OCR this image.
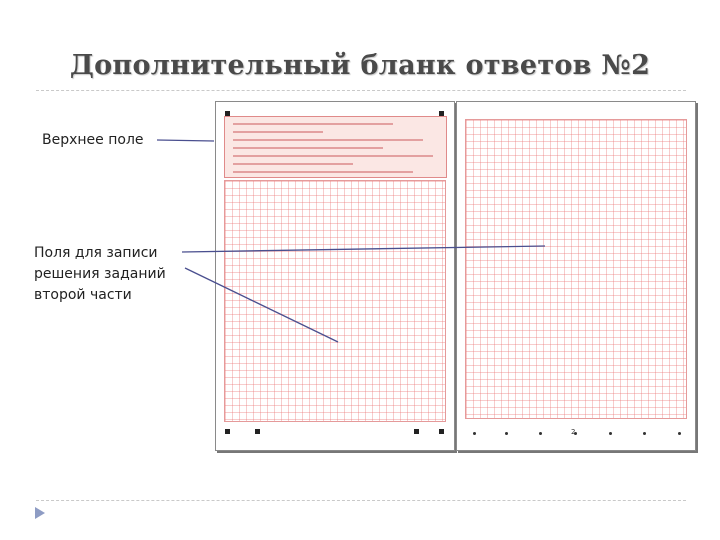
Дополнительный бланк ответов №2
Верхнее поле
Поля для записи
решения заданий
второй части
2
